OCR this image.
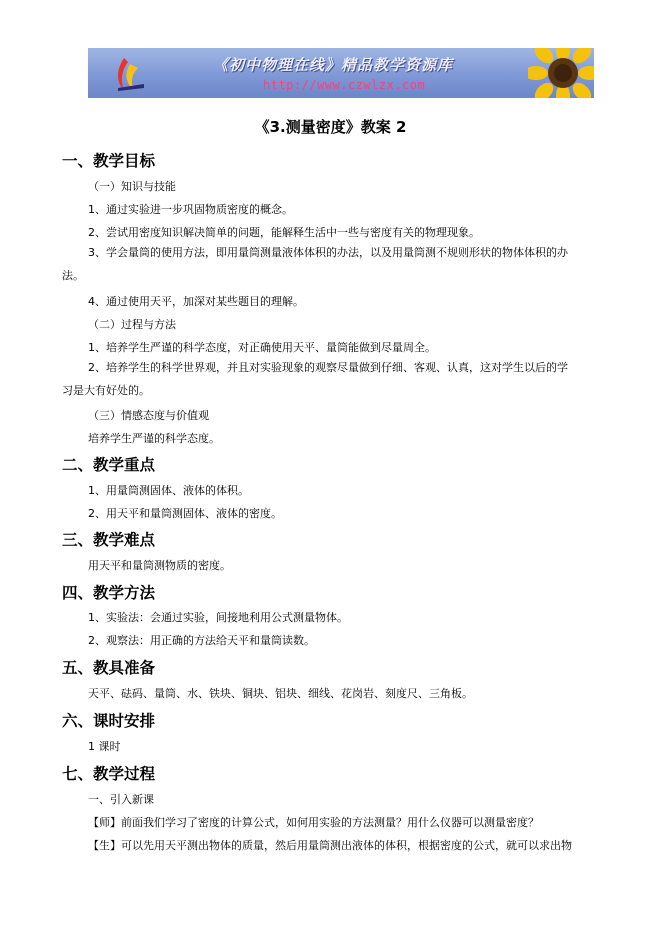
《初中物理在线》精品教学资源库
http://www.czwlzx.com
《3.测量密度》教案 2
一、教学目标
（一）知识与技能
1、通过实验进一步巩固物质密度的概念。
2、尝试用密度知识解决简单的问题，能解释生活中一些与密度有关的物理现象。
3、学会量筒的使用方法，即用量筒测量液体体积的办法，以及用量筒测不规则形状的物体体积的办法。
4、通过使用天平，加深对某些题目的理解。
（二）过程与方法
1、培养学生严谨的科学态度，对正确使用天平、量筒能做到尽量周全。
2、培养学生的科学世界观，并且对实验现象的观察尽量做到仔细、客观、认真，这对学生以后的学习是大有好处的。
（三）情感态度与价值观
培养学生严谨的科学态度。
二、教学重点
1、用量筒测固体、液体的体积。
2、用天平和量筒测固体、液体的密度。
三、教学难点
用天平和量筒测物质的密度。
四、教学方法
1、实验法：会通过实验，间接地利用公式测量物体。
2、观察法：用正确的方法给天平和量筒读数。
五、教具准备
天平、砝码、量筒、水、铁块、铜块、铝块、细线、花岗岩、刻度尺、三角板。
六、课时安排
1 课时
七、教学过程
一、引入新课
【师】前面我们学习了密度的计算公式，如何用实验的方法测量？用什么仪器可以测量密度？
【生】可以先用天平测出物体的质量，然后用量筒测出液体的体积，根据密度的公式，就可以求出物
